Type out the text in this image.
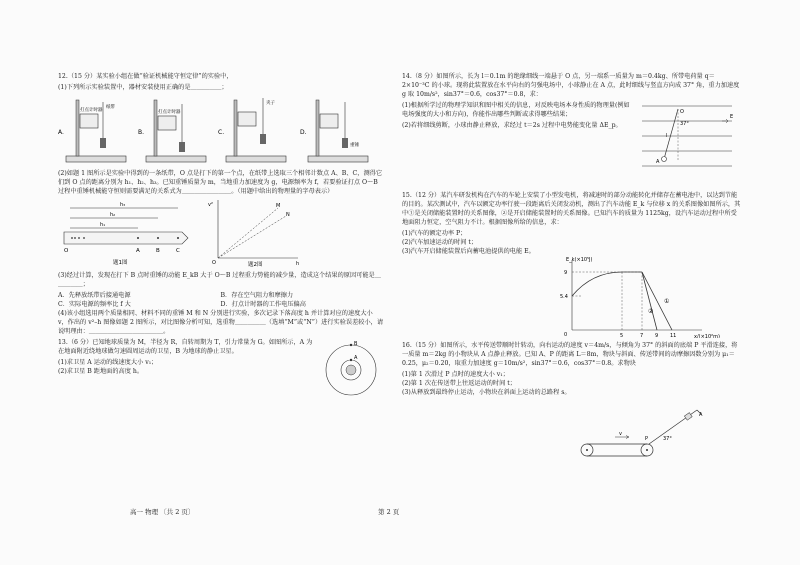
12.（15 分）某实验小组在做“验证机械能守恒定律”的实验中，

(1)下列所示实验装置中，器材安装使用正确的是＿＿＿＿＿；

打点计时器
纸带
A.
打点计时器
B.
夹子
C.
重锤
D.

(2)如题 1 图所示是实验中得到的一条纸带，O 点是打下的第一个点，在纸带上选取三个相邻计数点 A、B、C，测得它们到 O 点的距离分别为 h₁、h₂、h₃。已知重锤质量为 m，当地重力加速度为 g，电源频率为 f，若要验证打点 O～B 过程中重锤机械能守恒则需要满足的关系式为＿＿＿＿＿＿＿＿。（用题中给出的物理量的字母表示）

h₃
h₂
h₁
O	A	B	C
题1图
v²
h
M
N
O	题2图

(3)经过计算，发现在打下 B 点时重锤的动能 E_kB 大于 O～B 过程重力势能的减少量，造成这个结果的原因可能是＿＿＿＿＿；

A．先释放纸带后接通电源	B．存在空气阻力和摩擦力
C．实际电源的频率比 f 大	D．打点计时器的工作电压偏高

(4)该小组选用两个质量相同、材料不同的重锤 M 和 N 分别进行实验，多次记录下落高度 h 并计算对应的速度大小 v，作出的 v²–h 图像如题 2 图所示，对比图像分析可知，选重物＿＿＿＿＿（选填“M”或“N”）进行实验误差较小，请说明理由：＿＿＿＿＿＿＿＿＿＿＿＿。

13.（6 分）已知地球质量为 M，半径为 R，自转周期为 T，引力常量为 G。如图所示，A 为在地面附近绕地球做匀速圆周运动的卫星，B 为地球的静止卫星。

(1)求卫星 A 运动的线速度大小 v₁；

(2)求卫星 B 距地面的高度 h。

A
B

14.（8 分）如图所示，长为 l＝0.1m 的绝缘细线一端悬于 O 点，另一端系一质量为 m＝0.4kg、所带电荷量 q＝2×10⁻³C 的小球。现将此装置放在水平向右的匀强电场中，小球静止在 A 点，此时细线与竖直方向成 37° 角，重力加速度 g 取 10m/s²，sin37°＝0.6，cos37°＝0.8，求：

(1)根据所学过的物理学知识和图中相关的信息，对反映电场本身性质的物理量(例如电场强度的大小和方向)，你能作出哪些判断或求得哪些结果；

(2)若将细线剪断，小球由静止释放，求经过 t＝2s 过程中电势能变化量 ΔE_p。

O
37°
l
E
A

15.（12 分）某汽车研发机构在汽车的车轮上安装了小型发电机，将减速时的部分动能转化并储存在蓄电池中，以达到节能的目的。某次测试中，汽车以额定功率行驶一段距离后关闭发动机，测出了汽车动能 E_k 与位移 x 的关系图像如图所示，其中①是关闭储能装置时的关系图像，②是开启储能装置时的关系图像。已知汽车的质量为 1125kg，设汽车运动过程中所受地面阻力恒定，空气阻力不计。根据图像所给的信息，求：

(1)汽车的额定功率 P；

(2)汽车加速运动的时间 t；

(3)汽车开启储能装置后向蓄电池提供的电能 E。

E_k(×10⁵J)
x/(×10²m)
9
5.4
0	5	7 9 11
①
②

16.（15 分）如图所示，水平传送带顺时针转动，向右运动的速度 v＝4m/s，与倾角为 37° 的斜面的底端 P 平滑连接，将一质量 m＝2kg 的小物块从 A 点静止释放。已知 A、P 的距离 L＝8m，物块与斜面、传送带间的动摩擦因数分别为 μ₁＝0.25，μ₂＝0.20，取重力加速度 g＝10m/s²，sin37°＝0.6，cos37°＝0.8。求物块

(1)第 1 次滑过 P 点时的速度大小 v₁；

(2)第 1 次在传送带上往返运动的时间 t；

(3)从释放到最终停止运动，小物块在斜面上运动的总路程 s。

v
P
A
37°
高一 物理 〔共 2 页〕	第 2 页
